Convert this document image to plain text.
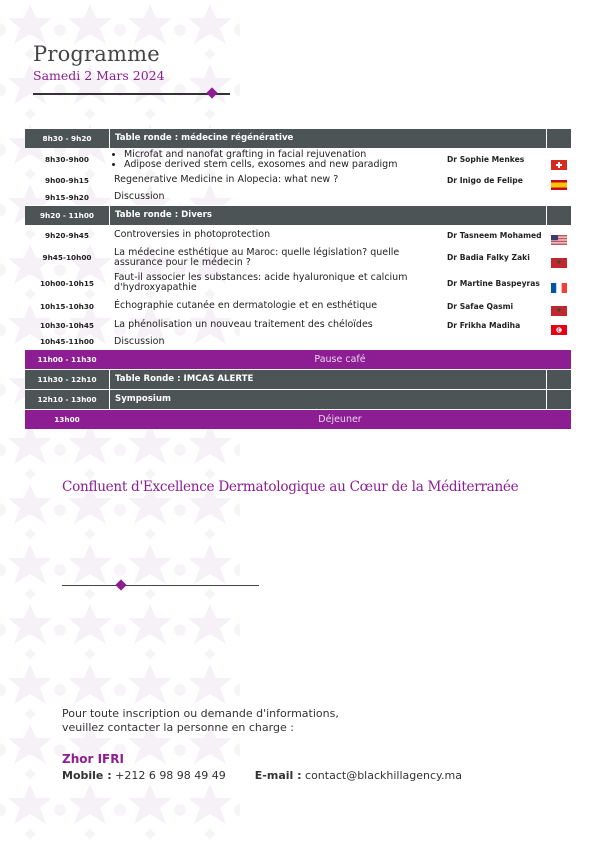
Programme
Samedi 2 Mars 2024
8h30 - 9h20	Table ronde : médecine régénérative
8h30-9h00
•	Microfat and nanofat grafting in facial rejuvenation
• Adipose derived stem cells, exosomes and new paradigm	Dr Sophie Menkes
9h00-9h15	Regenerative Medicine in Alopecia: what new ?	Dr Inigo de Felipe
9h15-9h20	Discussion
9h20 - 11h00	Table ronde : Divers
9h20-9h45	Controversies in photoprotection	Dr Tasneem Mohamed
9h45-10h00	La médecine esthétique au Maroc: quelle législation? quelle assurance pour le médecin ?	Dr Badia Falky Zaki
10h00-10h15	Faut-il associer les substances: acide hyaluronique et calcium d'hydroxyapathie	Dr Martine Baspeyras
10h15-10h30	Échographie cutanée en dermatologie et en esthétique	Dr Safae Qasmi
10h30-10h45	La phénolisation un nouveau traitement des chéloïdes	Dr Frikha Madiha
10h45-11h00	Discussion
11h00 - 11h30	Pause café
11h30 - 12h10	Table Ronde : IMCAS ALERTE
12h10 - 13h00	Symposium
13h00	Déjeuner
Confluent d'Excellence Dermatologique au Cœur de la Méditerranée
Pour toute inscription ou demande d'informations,
veuillez contacter la personne en charge :
Zhor IFRI
Mobile : +212 6 98 98 49 49	E-mail : contact@blackhillagency.ma
